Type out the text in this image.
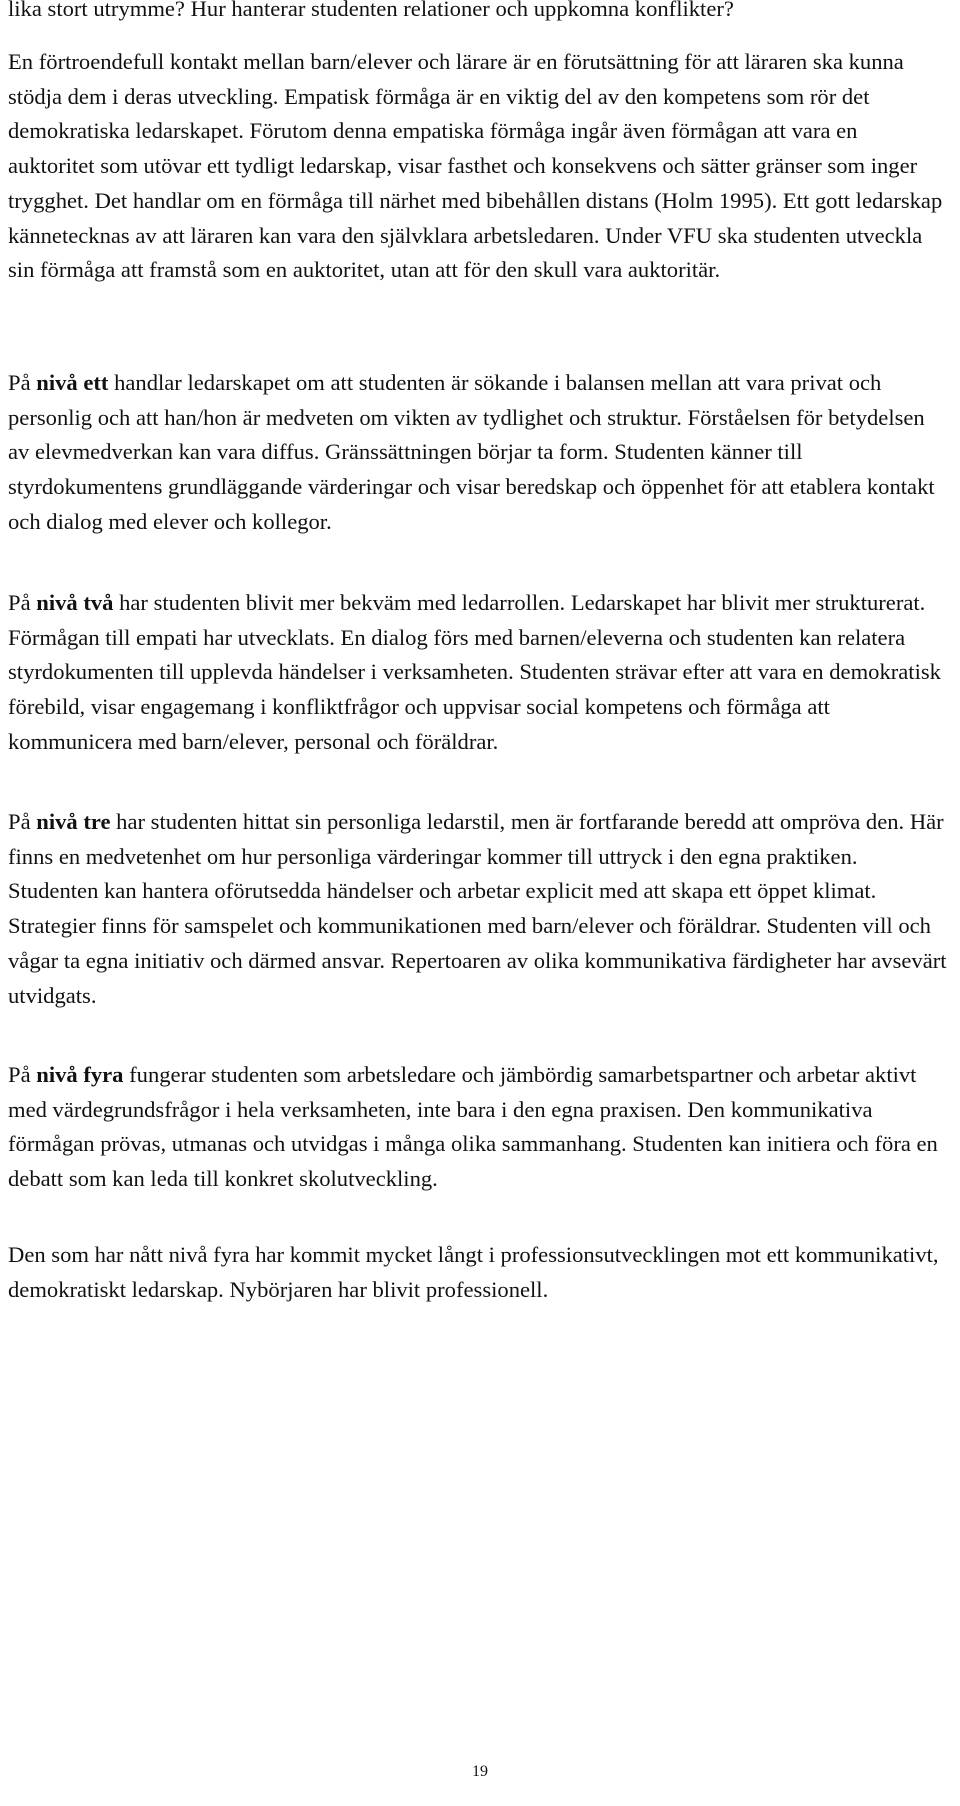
lika stort utrymme? Hur hanterar studenten relationer och uppkomna konflikter?

En förtroendefull kontakt mellan barn/elever och lärare är en förutsättning för att läraren ska kunna stödja dem i deras utveckling. Empatisk förmåga är en viktig del av den kompetens som rör det demokratiska ledarskapet. Förutom denna empatiska förmåga ingår även förmågan att vara en auktoritet som utövar ett tydligt ledarskap, visar fasthet och konsekvens och sätter gränser som inger trygghet. Det handlar om en förmåga till närhet med bibehållen distans (Holm 1995). Ett gott ledarskap kännetecknas av att läraren kan vara den självklara arbetsledaren. Under VFU ska studenten utveckla sin förmåga att framstå som en auktoritet, utan att för den skull vara auktoritär.

På nivå ett handlar ledarskapet om att studenten är sökande i balansen mellan att vara privat och personlig och att han/hon är medveten om vikten av tydlighet och struktur. Förståelsen för betydelsen av elevmedverkan kan vara diffus. Gränssättningen börjar ta form. Studenten känner till styrdokumentens grundläggande värderingar och visar beredskap och öppenhet för att etablera kontakt och dialog med elever och kollegor.

På nivå två har studenten blivit mer bekväm med ledarrollen. Ledarskapet har blivit mer strukturerat. Förmågan till empati har utvecklats. En dialog förs med barnen/eleverna och studenten kan relatera styrdokumenten till upplevda händelser i verksamheten. Studenten strävar efter att vara en demokratisk förebild, visar engagemang i konfliktfrågor och uppvisar social kompetens och förmåga att kommunicera med barn/elever, personal och föräldrar.

På nivå tre har studenten hittat sin personliga ledarstil, men är fortfarande beredd att ompröva den. Här finns en medvetenhet om hur personliga värderingar kommer till uttryck i den egna praktiken. Studenten kan hantera oförutsedda händelser och arbetar explicit med att skapa ett öppet klimat. Strategier finns för samspelet och kommunikationen med barn/elever och föräldrar. Studenten vill och vågar ta egna initiativ och därmed ansvar. Repertoaren av olika kommunikativa färdigheter har avsevärt utvidgats.

På nivå fyra fungerar studenten som arbetsledare och jämbördig samarbetspartner och arbetar aktivt med värdegrundsfrågor i hela verksamheten, inte bara i den egna praxisen. Den kommunikativa förmågan prövas, utmanas och utvidgas i många olika sammanhang. Studenten kan initiera och föra en debatt som kan leda till konkret skolutveckling.

Den som har nått nivå fyra har kommit mycket långt i professionsutvecklingen mot ett kommunikativt, demokratiskt ledarskap. Nybörjaren har blivit professionell.

19
